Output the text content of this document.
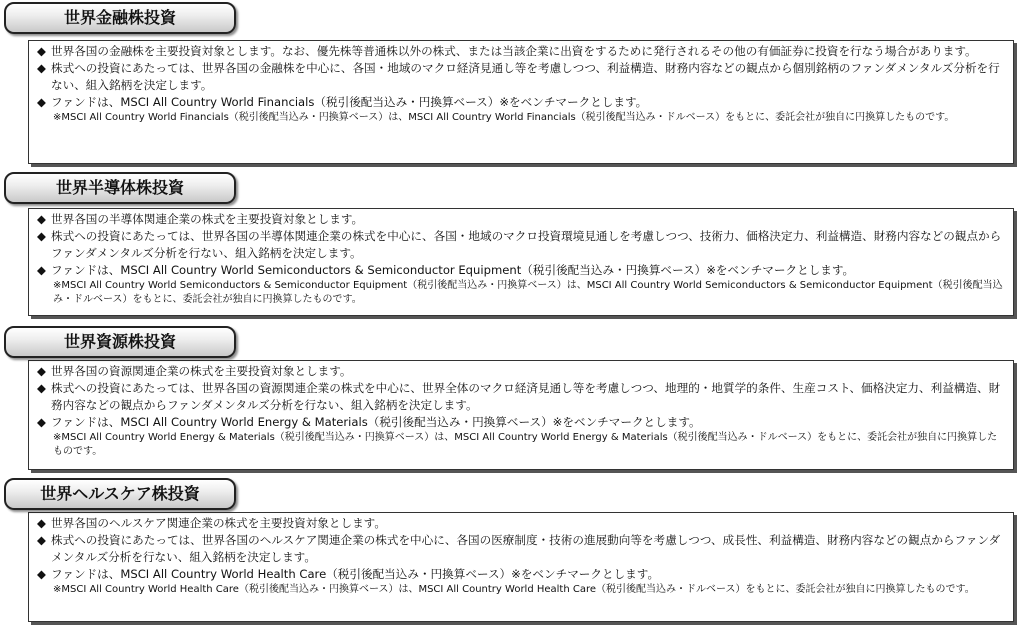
世界金融株投資
◆ 世界各国の金融株を主要投資対象とします。なお、優先株等普通株以外の株式、または当該企業に出資をするために発行されるその他の有価証券に投資を行なう場合があります。
◆ 株式への投資にあたっては、世界各国の金融株を中心に、各国・地域のマクロ経済見通し等を考慮しつつ、利益構造、財務内容などの観点から個別銘柄のファンダメンタルズ分析を行ない、組入銘柄を決定します。
◆ ファンドは、MSCI All Country World Financials（税引後配当込み・円換算ベース）※をベンチマークとします。
※MSCI All Country World Financials（税引後配当込み・円換算ベース）は、MSCI All Country World Financials（税引後配当込み・ドルベース）をもとに、委託会社が独自に円換算したものです。
世界半導体株投資
◆ 世界各国の半導体関連企業の株式を主要投資対象とします。
◆ 株式への投資にあたっては、世界各国の半導体関連企業の株式を中心に、各国・地域のマクロ投資環境見通しを考慮しつつ、技術力、価格決定力、利益構造、財務内容などの観点からファンダメンタルズ分析を行ない、組入銘柄を決定します。
◆ ファンドは、MSCI All Country World Semiconductors & Semiconductor Equipment（税引後配当込み・円換算ベース）※をベンチマークとします。
※MSCI All Country World Semiconductors & Semiconductor Equipment（税引後配当込み・円換算ベース）は、MSCI All Country World Semiconductors & Semiconductor Equipment（税引後配当込み・ドルベース）をもとに、委託会社が独自に円換算したものです。
世界資源株投資
◆ 世界各国の資源関連企業の株式を主要投資対象とします。
◆ 株式への投資にあたっては、世界各国の資源関連企業の株式を中心に、世界全体のマクロ経済見通し等を考慮しつつ、地理的・地質学的条件、生産コスト、価格決定力、利益構造、財務内容などの観点からファンダメンタルズ分析を行ない、組入銘柄を決定します。
◆ ファンドは、MSCI All Country World Energy & Materials（税引後配当込み・円換算ベース）※をベンチマークとします。
※MSCI All Country World Energy & Materials（税引後配当込み・円換算ベース）は、MSCI All Country World Energy & Materials（税引後配当込み・ドルベース）をもとに、委託会社が独自に円換算したものです。
世界ヘルスケア株投資
◆ 世界各国のヘルスケア関連企業の株式を主要投資対象とします。
◆ 株式への投資にあたっては、世界各国のヘルスケア関連企業の株式を中心に、各国の医療制度・技術の進展動向等を考慮しつつ、成長性、利益構造、財務内容などの観点からファンダメンタルズ分析を行ない、組入銘柄を決定します。
◆ ファンドは、MSCI All Country World Health Care（税引後配当込み・円換算ベース）※をベンチマークとします。
※MSCI All Country World Health Care（税引後配当込み・円換算ベース）は、MSCI All Country World Health Care（税引後配当込み・ドルベース）をもとに、委託会社が独自に円換算したものです。
